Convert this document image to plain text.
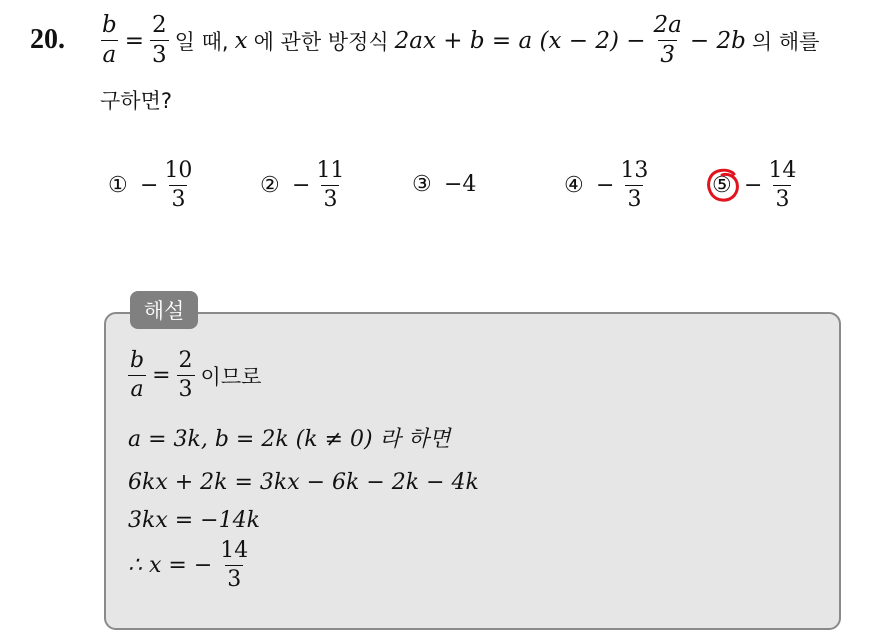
20. $\frac{b}{a} = \frac{2}{3}$ 일 때, x 에 관한 방정식 2ax + b = a $(x - 2) - \frac{2a}{3} - 2b$ 의 해를
구하면?
① − $\frac{10}{3}$	② − $\frac{11}{3}$	③ −4	④ − $\frac{13}{3}$	⑤ − $\frac{14}{3}$
해설
$\frac{b}{a} = \frac{2}{3}$ 이므로
a = 3k, b = 2k (k ≠ 0) 라 하면
6kx + 2k = 3kx − 6k − 2k − 4k
3kx = −14k
∴ x = − $\frac{14}{3}$
